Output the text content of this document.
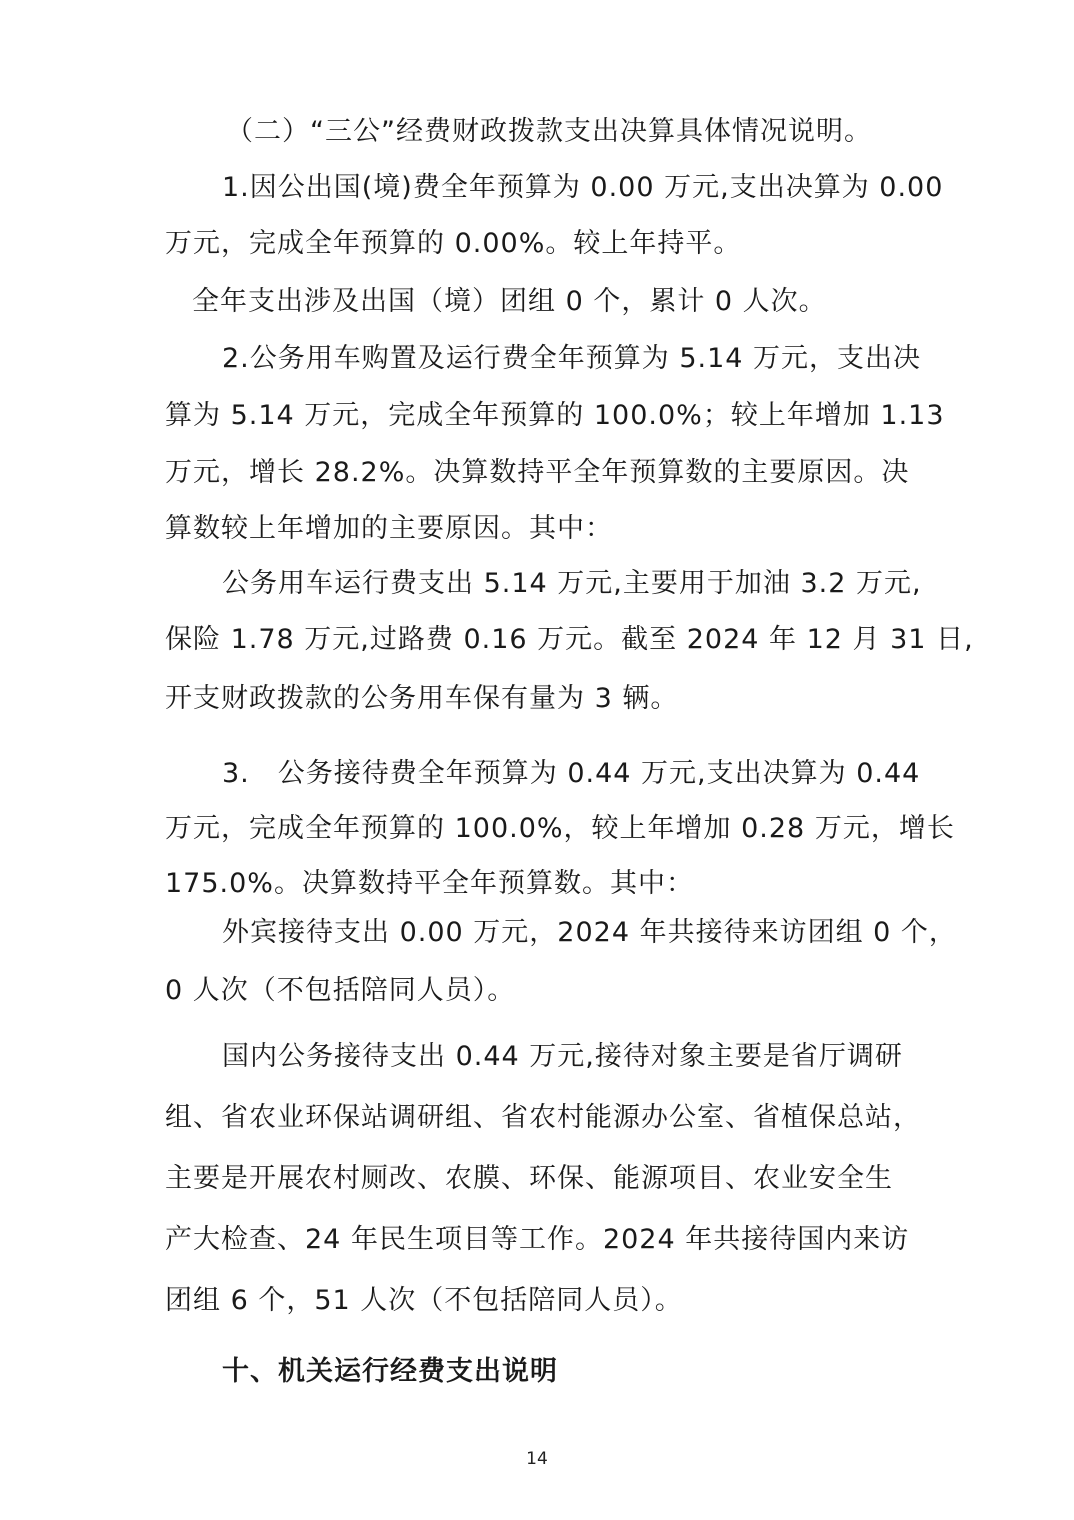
（二）“三公”经费财政拨款支出决算具体情况说明。
1.因公出国(境)费全年预算为 0.00 万元,支出决算为 0.00
万元，完成全年预算的 0.00%。较上年持平。
全年支出涉及出国（境）团组 0 个，累计 0 人次。
2.公务用车购置及运行费全年预算为 5.14 万元，支出决
算为 5.14 万元，完成全年预算的 100.0%；较上年增加 1.13
万元，增长 28.2%。决算数持平全年预算数的主要原因。决
算数较上年增加的主要原因。其中：
公务用车运行费支出 5.14 万元,主要用于加油 3.2 万元,
保险 1.78 万元,过路费 0.16 万元。截至 2024 年 12 月 31 日,
开支财政拨款的公务用车保有量为 3 辆。
3.　公务接待费全年预算为 0.44 万元,支出决算为 0.44
万元，完成全年预算的 100.0%，较上年增加 0.28 万元，增长
175.0%。决算数持平全年预算数。其中：
外宾接待支出 0.00 万元，2024 年共接待来访团组 0 个，
0 人次（不包括陪同人员）。
国内公务接待支出 0.44 万元,接待对象主要是省厅调研
组、省农业环保站调研组、省农村能源办公室、省植保总站，
主要是开展农村厕改、农膜、环保、能源项目、农业安全生
产大检查、24 年民生项目等工作。2024 年共接待国内来访
团组 6 个，51 人次（不包括陪同人员）。
十、机关运行经费支出说明
14
